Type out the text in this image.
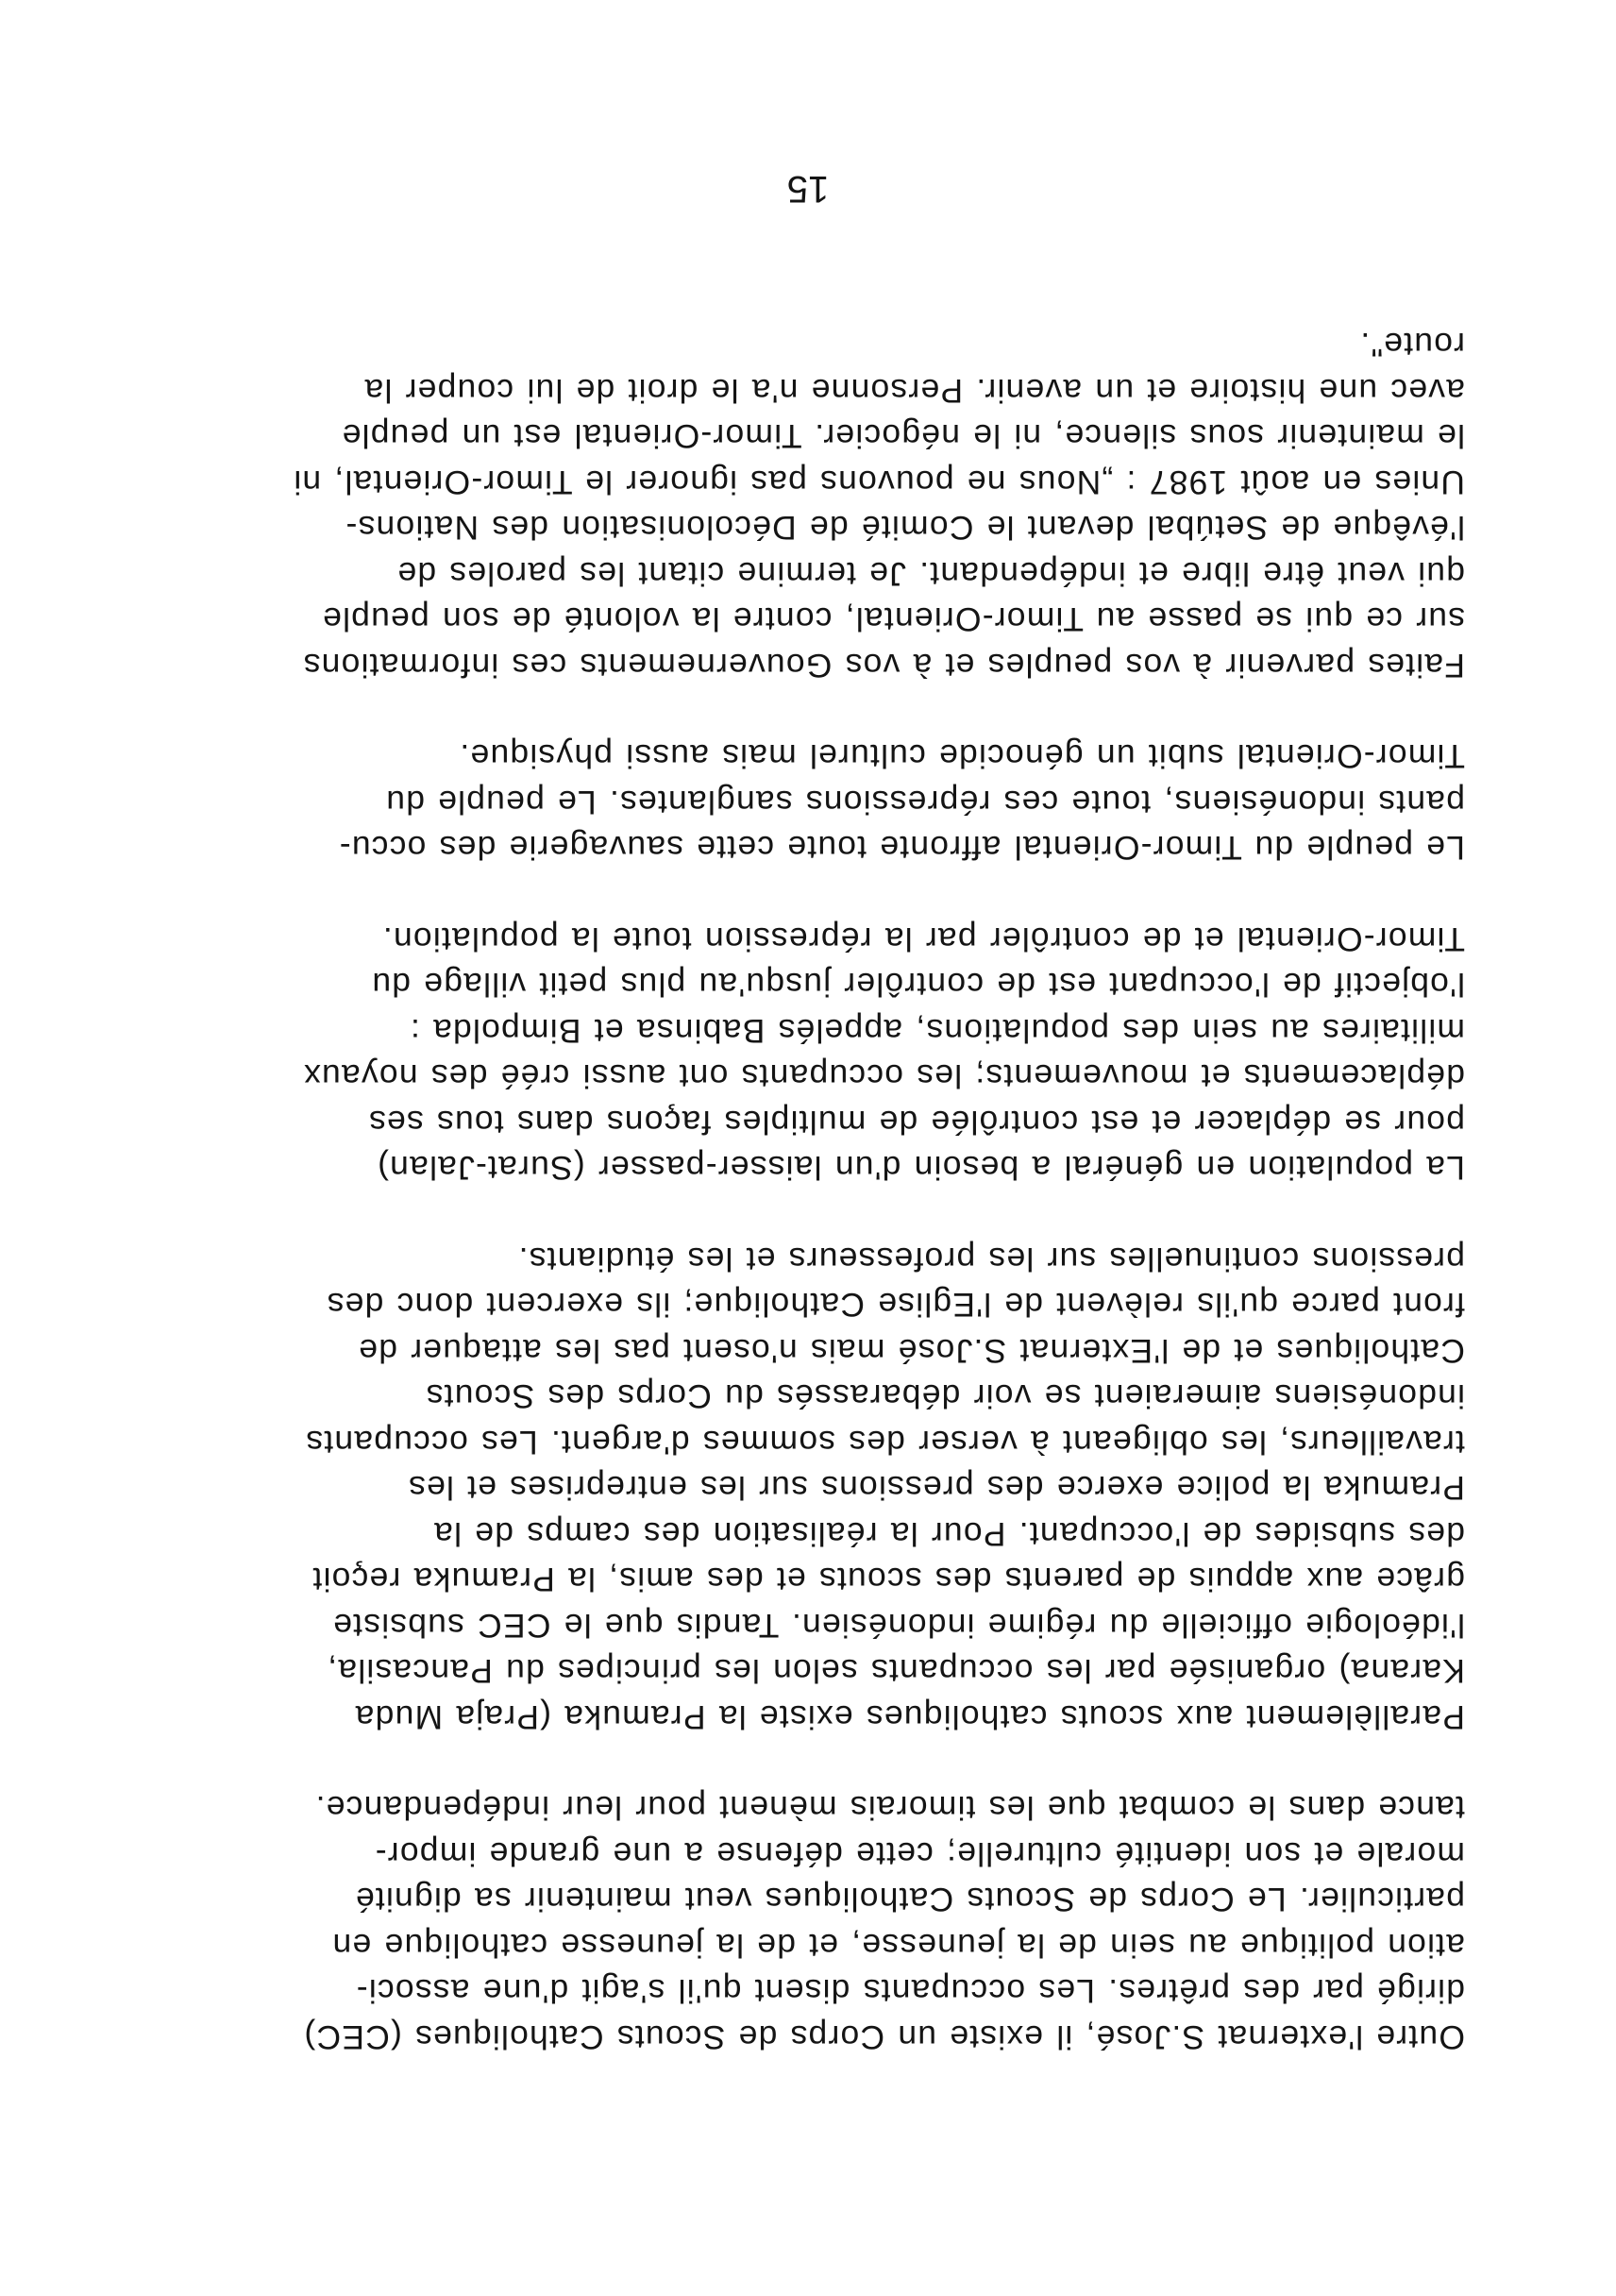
Outre l'externat S.José, il existe un Corps de Scouts Catholiques (CEC)
dirigé par des prêtres. Les occupants disent qu'il s'agit d'une associ-
ation politique au sein de la jeunesse, et de la jeunesse catholique en
particulier. Le Corps de Scouts Catholiques veut maintenir sa dignité
morale et son identité culturelle; cette défense a une grande impor-
tance dans le combat que les timorais mènent pour leur indépendance.

Parallèlement aux scouts catholiques existe la Pramuka (Praja Muda
Karana) organisée par les occupants selon les principes du Pancasila,
l'idéologie officielle du régime indonésien. Tandis que le CEC subsiste
grâce aux appuis de parents des scouts et des amis, la Pramuka reçoit
des subsides de l'occupant. Pour la réalisation des camps de la
Pramuka la police exerce des pressions sur les entreprises et les
travailleurs, les obligeant à verser des sommes d'argent. Les occupants
indonésiens aimeraient se voir débarassés du Corps des Scouts
Catholiques et de l'Externat S.José mais n'osent pas les attaquer de
front parce qu'ils relèvent de l'Eglise Catholique; ils exercent donc des
pressions continuelles sur les professeurs et les étudiants.

La population en général a besoin d'un laisser-passer (Surat-Jalan)
pour se déplacer et est contrôlée de multiples façons dans tous ses
déplacements et mouvements; les occupants ont aussi créé des noyaux
militaires au sein des populations, appelés Babinsa et Bimpolda :
l'objectif de l'occupant est de contrôler jusqu'au plus petit village du
Timor-Oriental et de contrôler par la répression toute la population.

Le peuple du Timor-Oriental affronte toute cette sauvagerie des occu-
pants indonésiens, toute ces répressions sanglantes. Le peuple du
Timor-Oriental subit un génocide culturel mais aussi physique.

Faites parvenir à vos peuples et à vos Gouvernements ces informations
sur ce qui se passe au Timor-Oriental, contre la volonté de son peuple
qui veut être libre et indépendant. Je termine citant les paroles de
l'évêque de Setúbal devant le Comité de Décolonisation des Nations-
Unies en août 1987 : „Nous ne pouvons pas ignorer le Timor-Oriental, ni
le maintenir sous silence, ni le négocier. Timor-Oriental est un peuple
avec une histoire et un avenir. Personne n'a le droit de lui couper la
route".

15
